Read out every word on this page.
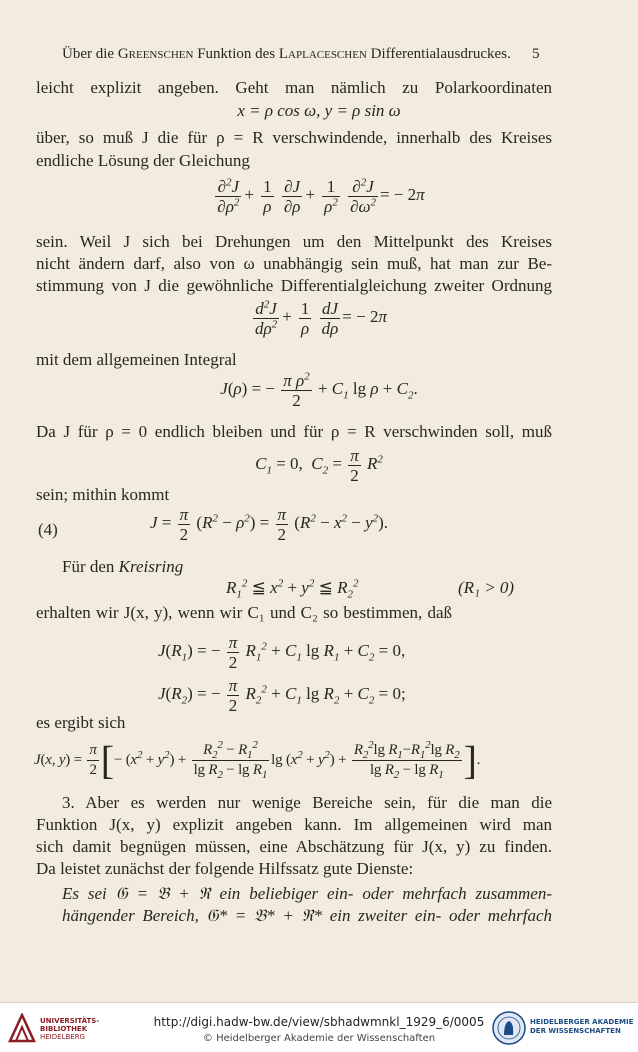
Über die Greenschen Funktion des Laplaceschen Differentialausdruckes. 5
leicht explizit angeben. Geht man nämlich zu Polarkoordinaten
x = ρ cos ω, y = ρ sin ω
über, so muß J die für ρ = R verschwindende, innerhalb des Kreises
endliche Lösung der Gleichung
$\frac{\partial^2J}{\partial\rho^2} + \frac{1}{\rho}$
$\frac{\partial J}{\partial\rho} + \frac{1}{\rho^2}$
$\frac{\partial^2J}{\partial\omega^2}$ = − 2π
sein. Weil J sich bei Drehungen um den Mittelpunkt des Kreises
nicht ändern darf, also von ω unabhängig sein muß, hat man zur Be-
stimmung von J die gewöhnliche Differentialgleichung zweiter Ordnung
$\frac{d^2J}{d\rho^2} + \frac{1}{\rho}$
$\frac{dJ}{d\rho}$ = − 2π
mit dem allgemeinen Integral
J(ρ) = − $\frac{\pi \rho^2}{2} + C_1$ $\lg \rho + C_2$.
Da J für ρ = 0 endlich bleiben und für ρ = R verschwinden soll, muß
$C_1 = 0$,  $C_2 = \frac{\pi}{2} R^2$
sein; mithin kommt
(4)	$J = \frac{\pi}{2} (R^2 - \rho^2) = \frac{\pi}{2} (R^2 - x^2 - y^2)$.
Für den Kreisring
$R_1^2$ ≦ $x^2 + y^2$ ≦ $R_2^2$	(R₁ > 0)
erhalten wir J(x, y), wenn wir C₁ und C₂ so bestimmen, daß
$J(R_1)$ = − $\frac{\pi}{2} R_1^2 + C_1$ $\lg R_1 + C_2 = 0$,
$J(R_2)$ = − $\frac{\pi}{2} R_2^2 + C_1$ $\lg R_2 + C_2 = 0$;
es ergibt sich
J(x, $y) = \frac{\pi}{2}$ [− $(x^2 + y^2) + \frac{R_2^2 - R_1^2}{\lg R_2 - \lg R_1}$ $\lg (x^2 + y^2) + \frac{R_2^2\lg R_1-R_1^2\lg R_2}{\lg R_2 - \lg R_1}$ ].
3. Aber es werden nur wenige Bereiche sein, für die man die
Funktion J(x, y) explizit angeben kann. Im allgemeinen wird man
sich damit begnügen müssen, eine Abschätzung für J(x, y) zu finden.
Da leistet zunächst der folgende Hilfssatz gute Dienste:
Es sei 𝔊 = 𝔅 + ℜ ein beliebiger ein- oder mehrfach zusammen-
hängender Bereich, 𝔊* = 𝔅* + ℜ* ein zweiter ein- oder mehrfach
UNIVERSITÄTS-
BIBLIOTHEK
HEIDELBERG
http://digi.hadw-bw.de/view/sbhadwmnkl_1929_6/0005
© Heidelberger Akademie der Wissenschaften
HEIDELBERGER AKADEMIE
DER WISSENSCHAFTEN
